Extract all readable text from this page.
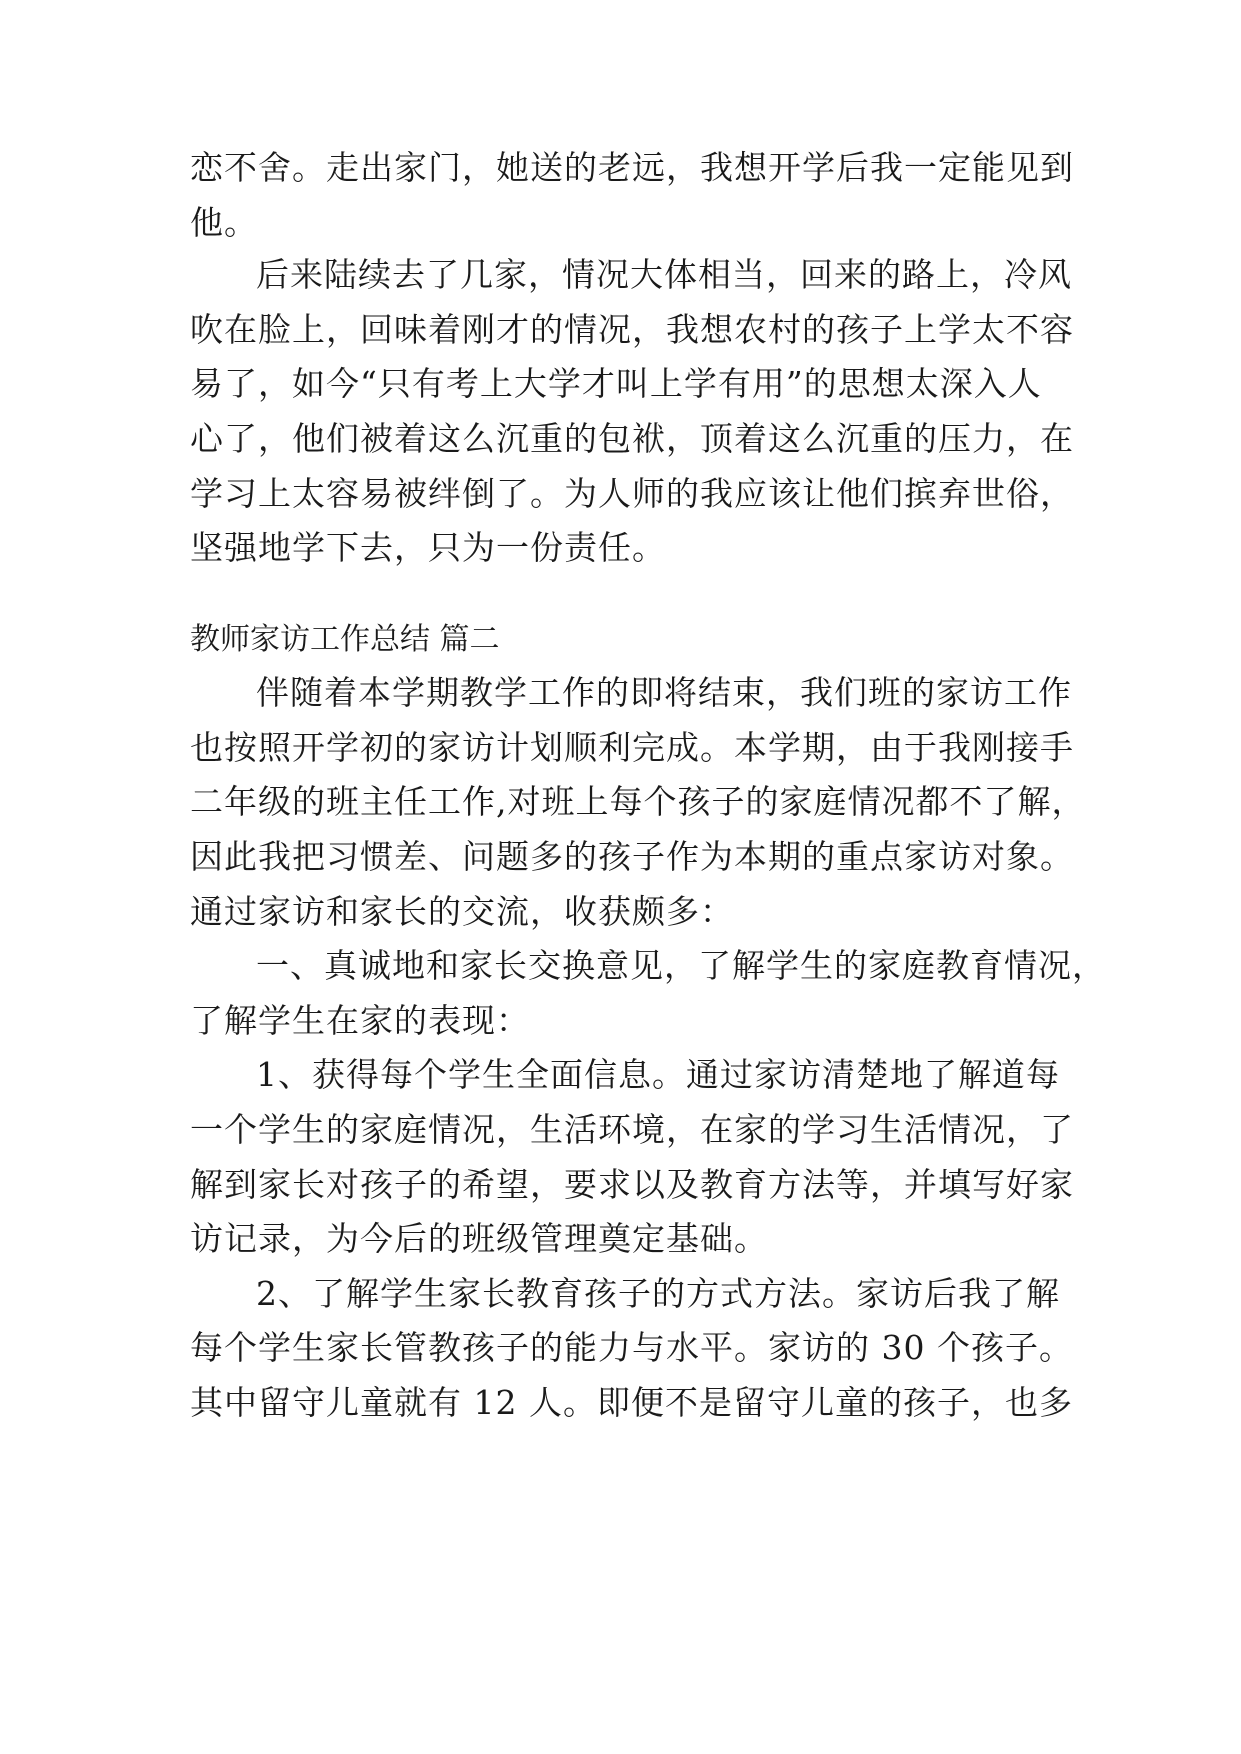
恋不舍。走出家门，她送的老远，我想开学后我一定能见到
他。
后来陆续去了几家，情况大体相当，回来的路上，冷风
吹在脸上，回味着刚才的情况，我想农村的孩子上学太不容
易了，如今“只有考上大学才叫上学有用”的思想太深入人
心了，他们被着这么沉重的包袱，顶着这么沉重的压力，在
学习上太容易被绊倒了。为人师的我应该让他们摈弃世俗，
坚强地学下去，只为一份责任。
教师家访工作总结 篇二
伴随着本学期教学工作的即将结束，我们班的家访工作
也按照开学初的家访计划顺利完成。本学期，由于我刚接手
二年级的班主任工作,对班上每个孩子的家庭情况都不了解，
因此我把习惯差、问题多的孩子作为本期的重点家访对象。
通过家访和家长的交流，收获颇多：
一、真诚地和家长交换意见，了解学生的家庭教育情况，
了解学生在家的表现：
1、获得每个学生全面信息。通过家访清楚地了解道每
一个学生的家庭情况，生活环境，在家的学习生活情况，了
解到家长对孩子的希望，要求以及教育方法等，并填写好家
访记录，为今后的班级管理奠定基础。
2、了解学生家长教育孩子的方式方法。家访后我了解
每个学生家长管教孩子的能力与水平。家访的 30 个孩子。
其中留守儿童就有 12 人。即便不是留守儿童的孩子，也多
